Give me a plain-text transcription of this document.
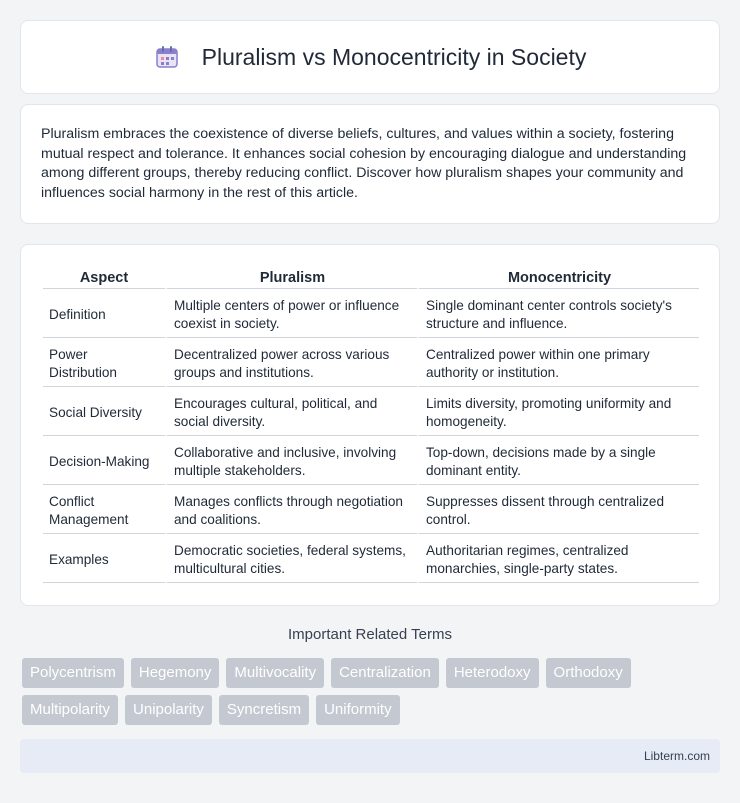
Pluralism vs Monocentricity in Society

Pluralism embraces the coexistence of diverse beliefs, cultures, and values within a society, fostering mutual respect and tolerance. It enhances social cohesion by encouraging dialogue and understanding among different groups, thereby reducing conflict. Discover how pluralism shapes your community and influences social harmony in the rest of this article.

Aspect	Pluralism	Monocentricity
Definition	Multiple centers of power or influence coexist in society.	Single dominant center controls society's structure and influence.
Power Distribution	Decentralized power across various groups and institutions.	Centralized power within one primary authority or institution.
Social Diversity	Encourages cultural, political, and social diversity.	Limits diversity, promoting uniformity and homogeneity.
Decision-Making	Collaborative and inclusive, involving multiple stakeholders.	Top-down, decisions made by a single dominant entity.
Conflict Management	Manages conflicts through negotiation and coalitions.	Suppresses dissent through centralized control.
Examples	Democratic societies, federal systems, multicultural cities.	Authoritarian regimes, centralized monarchies, single-party states.
Important Related Terms
Polycentrism	Hegemony	Multivocality	Centralization	Heterodoxy	Orthodoxy
Multipolarity	Unipolarity	Syncretism	Uniformity
Libterm.com
